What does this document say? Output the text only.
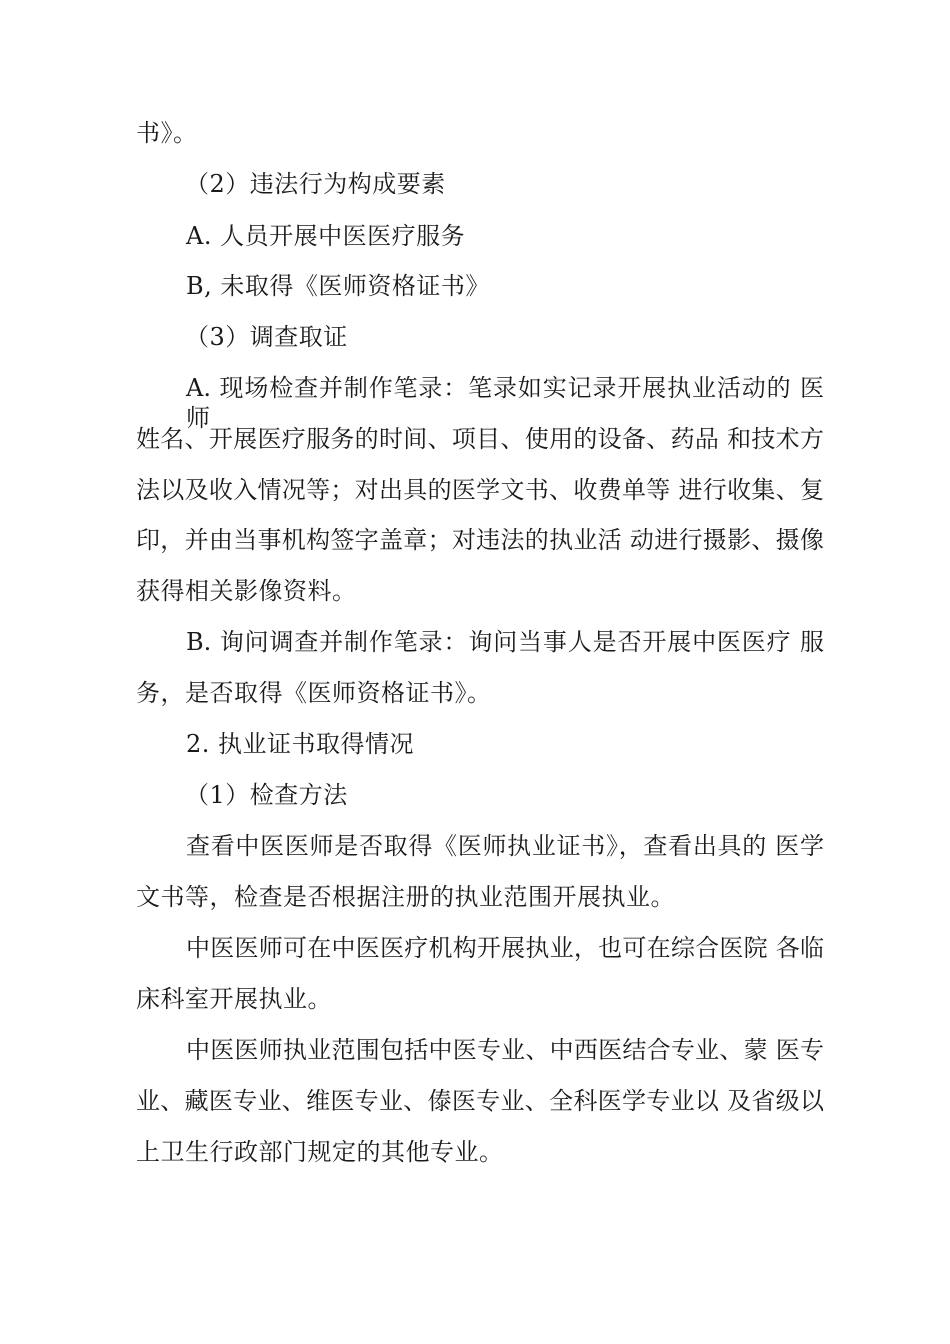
书》。
（2）违法行为构成要素
A. 人员开展中医医疗服务
B, 未取得《医师资格证书》
（3）调查取证
A. 现场检查并制作笔录：笔录如实记录开展执业活动的 医师
姓名、开展医疗服务的时间、项目、使用的设备、药品 和技术方
法以及收入情况等；对出具的医学文书、收费单等 进行收集、复
印，并由当事机构签字盖章；对违法的执业活 动进行摄影、摄像
获得相关影像资料。
B. 询问调查并制作笔录：询问当事人是否开展中医医疗 服
务，是否取得《医师资格证书》。
2. 执业证书取得情况
（1）检查方法
查看中医医师是否取得《医师执业证书》，查看出具的 医学
文书等，检查是否根据注册的执业范围开展执业。
中医医师可在中医医疗机构开展执业，也可在综合医院 各临
床科室开展执业。
中医医师执业范围包括中医专业、中西医结合专业、蒙 医专
业、藏医专业、维医专业、傣医专业、全科医学专业以 及省级以
上卫生行政部门规定的其他专业。
